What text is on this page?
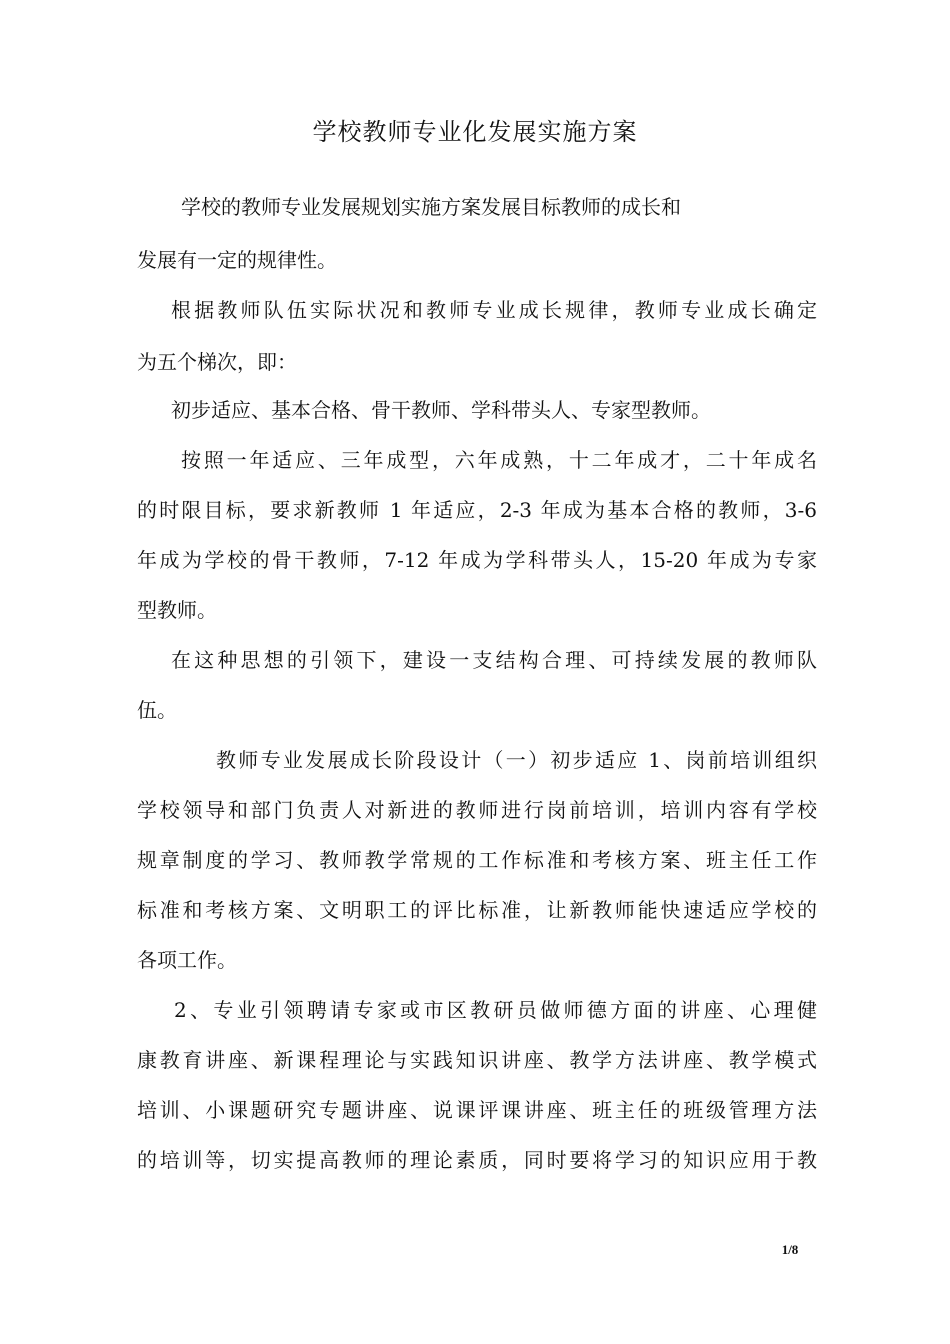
学校教师专业化发展实施方案
学校的教师专业发展规划实施方案发展目标教师的成长和
发展有一定的规律性。
根据教师队伍实际状况和教师专业成长规律，教师专业成长确定
为五个梯次，即：
初步适应、基本合格、骨干教师、学科带头人、专家型教师。
按照一年适应、三年成型，六年成熟，十二年成才，二十年成名
的时限目标，要求新教师 1 年适应，2-3 年成为基本合格的教师，3-6
年成为学校的骨干教师，7-12 年成为学科带头人，15-20 年成为专家
型教师。
在这种思想的引领下，建设一支结构合理、可持续发展的教师队
伍。
教师专业发展成长阶段设计（一）初步适应 1、岗前培训组织
学校领导和部门负责人对新进的教师进行岗前培训，培训内容有学校
规章制度的学习、教师教学常规的工作标准和考核方案、班主任工作
标准和考核方案、文明职工的评比标准，让新教师能快速适应学校的
各项工作。
2、专业引领聘请专家或市区教研员做师德方面的讲座、心理健
康教育讲座、新课程理论与实践知识讲座、教学方法讲座、教学模式
培训、小课题研究专题讲座、说课评课讲座、班主任的班级管理方法
的培训等，切实提高教师的理论素质，同时要将学习的知识应用于教
1/8
